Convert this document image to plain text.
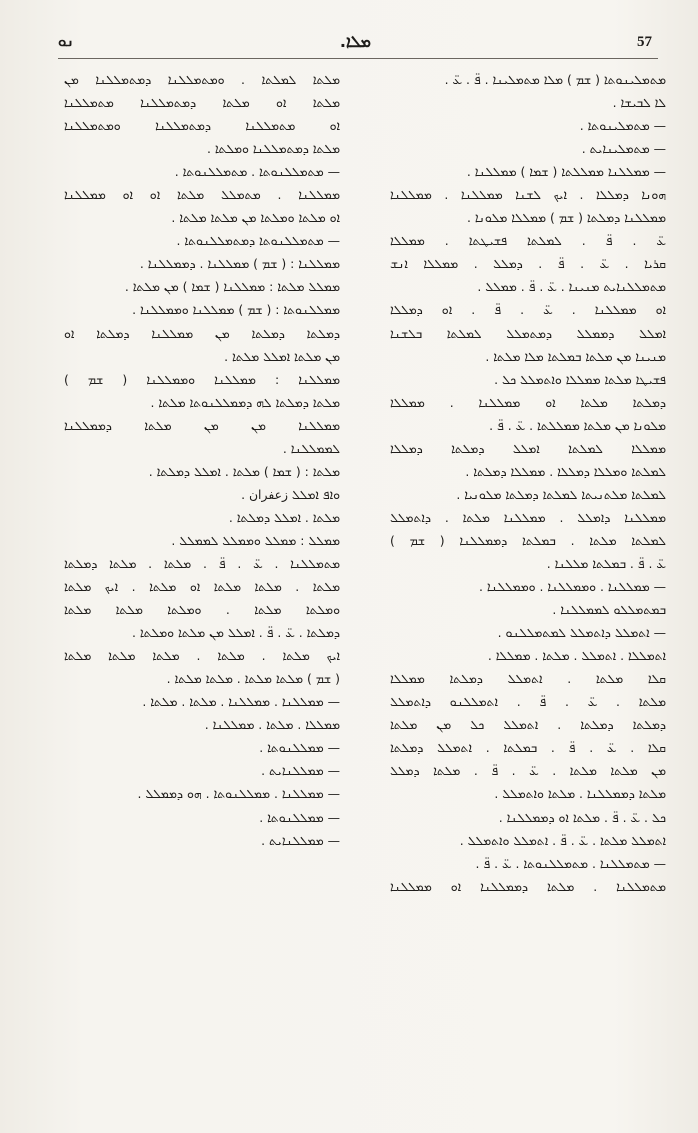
ܢܘ	ܡܠܐ.	57
ܡܬܡܠܝܢܘܬܐ ( ܫܡ ) ܡܠܐ ܡܬܡܠܝܢܐ . ܦ̈ . ܥ̈ .
ܠܐ ܠܒܝܫܐ .
— ܡܬܡܠܝܢܘܬܐ .
— ܡܬܡܠܝܢܐܝܬ .
— ܡܡܠܠܢܐ ܡܡܠܠܬܐ ( ܫܡܐ ) ܡܡܠܠܢܐ .
ܗܘܢܐ ܕܡܠܠܐ . ܐܝܟ ܠܫܢܐ ܡܡܠܠܢܐ . ܡܡܠܠܢܐ
ܡܡܠܠܢܐ ܕܡܠܬܐ ( ܫܡ ) ܡܡܠܠܐ ܡܠܘܢܐ .
ܥ̈ . ܦ̈ . ܠܡܠܬܐ ܦܫܝܛܬܐ . ܡܡܠܠܐ
ܩܪܝܐ . ܥ̈ . ܦ̈ . ܕܡܠܠ . ܡܡܠܠܐ ܐܢܫ
ܡܬܡܠܠܢܐܝܬ ܡܢܝܢܐ . ܥ̈ . ܦ̈ . ܡܡܠܠ .
ܐܘ ܡܡܠܠܢܐ . ܥ̈ . ܦ̈ . ܐܘ ܕܡܠܠܐ
ܐܡܠܠ ܕܡܡܠܠ ܕܡܬܡܠܠ ܠܡܠܬܐ ܒܠܫܢܐ
ܡܢܝܢܐ ܡܢ ܡܠܬܐ ܒܡܠܬܐ ܡܠܐ ܡܠܬܐ .
ܦܫܝܛܐ ܡܠܬܐ ܡܡܠܠܐ ܘܐܬܡܠܠ ܟܠ .
ܕܡܠܬܐ ܡܠܬܐ ܐܘ ܡܡܠܠܢܐ . ܡܡܠܠܐ
ܡܠܘܢܐ ܡܢ ܡܠܬܐ ܡܡܠܠܬܐ . ܥ̈ . ܦ̈ .
ܡܡܠܠܐ ܠܡܠܬܐ ܐܡܠܠ ܕܡܠܬܐ ܕܡܠܠܐ
ܠܡܠܬܐ ܘܡܠܠܐ ܕܡܠܠܐ . ܡܡܠܠܐ ܕܡܠܬܐ .
ܠܡܠܬܐ ܡܠܬܢܝܬܐ ܠܡܠܬܐ ܕܡܠܬܐ ܡܠܘܢܝܐ .
ܡܡܠܠܢܐ ܕܐܡܠܠ . ܡܡܠܠܢܐ ܡܠܬܐ . ܕܐܬܡܠܠ
ܠܡܠܬܐ ܡܠܬܐ . ܒܡܠܬܐ ܕܡܡܠܠܢܐ ( ܫܡ )
ܥ̈ . ܦ̈ . ܒܡܠܬܐ ܡܠܠܢܐ .
— ܡܡܠܠܢܐ . ܘܡܡܠܠܢܐ . ܘܡܡܠܠܢܐ .
ܒܡܬܡܠܠܘ ܠܡܡܠܠܢܐ .
— ܐܬܡܠܠ ܕܐܬܡܠܠ ܠܡܬܡܠܠܢܘ .
ܐܬܡܠܠܐ . ܐܬܡܠܠ . ܡܠܬܐ . ܡܡܠܠܐ .
ܩܠܐ ܡܠܬܐ . ܐܬܡܠܠ ܕܡܠܬܐ ܡܡܠܠܐ
ܡܠܬܐ . ܥ̈ . ܦ̈ . ܐܬܡܠܠܢܘ ܕܐܬܡܠܠ
ܕܡܠܬܐ ܕܡܠܬܐ . ܐܬܡܠܠ ܟܠ ܡܢ ܡܠܬܐ
ܩܠܐ . ܥ̈ . ܦ̈ . ܒܡܠܬܐ . ܐܬܡܠܠ ܕܡܠܬܐ
ܡܢ ܡܠܬܐ ܡܠܬܐ . ܥ̈ . ܦ̈ . ܡܠܬܐ ܕܡܠܠ
ܡܠܬܐ ܕܡܡܠܠܢܐ . ܡܠܬܐ ܘܐܬܡܠܠ .
ܟܠ . ܥ̈ . ܦ̈ . ܡܠܬܐ ܐܘ ܕܡܡܠܠܢܐ .
ܐܬܡܠܠ ܡܠܬܐ . ܥ̈ . ܦ̈ . ܐܬܡܠܠ ܘܐܬܡܠܠ .
— ܡܬܡܠܠܢܐ . ܡܬܡܠܠܢܘܬܐ . ܥ̈ . ܦ̈ .
ܡܬܡܠܠܢܐ . ܡܠܬܐ ܕܡܡܠܠܢܐ ܐܘ ܡܡܠܠܢܐ
ܡܠܬܐ ܠܡܠܬܐ . ܘܡܬܡܠܠܢܐ ܕܡܬܡܠܠܢܐ ܡܢ
ܡܠܬܐ ܐܘ ܡܠܬܐ ܕܡܬܡܠܠܢܐ ܡܬܡܠܠܢܐ
ܐܘ ܡܬܡܠܠܢܐ ܕܡܬܡܠܠܢܐ ܘܡܬܡܠܠܢܐ
ܡܠܬܐ ܕܡܬܡܠܠܢܐ ܘܡܠܬܐ .
— ܡܬܡܠܠܢܘܬܐ . ܡܬܡܠܠܢܘܬܐ .
ܡܡܠܠܢܐ . ܡܬܡܠܠ ܡܠܬܐ ܐܘ ܐܘ ܡܡܠܠܢܐ
ܐܘ ܡܠܬܐ ܘܡܠܬܐ ܡܢ ܡܠܬܐ ܡܠܬܐ .
— ܡܬܡܠܠܢܘܬܐ ܕܡܬܡܠܠܢܘܬܐ .
ܡܡܠܠܢܐ : ( ܫܡ ) ܡܡܠܠܢܐ . ܕܡܡܠܠܢܐ .
ܡܡܠܠ ܡܠܬܐ : ܡܡܠܠܢܐ ( ܫܡܐ ) ܡܢ ܡܠܬܐ .
ܡܡܠܠܢܘܬܐ : ( ܫܡ ) ܡܡܠܠܢܐ ܘܡܡܠܠܢܐ .
ܕܡܠܬܐ ܕܡܠܬܐ ܡܢ ܡܡܠܠܢܐ ܕܡܠܬܐ ܐܘ
ܡܢ ܡܠܬܐ ܐܡܠܠ ܡܠܬܐ .
ܡܡܠܠܢܐ : ܡܡܠܠܢܐ ܘܡܡܠܠܢܐ ( ܫܡ )
ܡܠܬܐ ܕܡܠܬܐ ܠܗ ܕܡܡܠܠܢܘܬܐ ܡܠܬܐ .
ܡܡܠܠܢܐ ܡܢ ܡܢ ܡܠܬܐ ܕܡܡܠܠܢܐ
ܠܡܡܠܠܢܐ .
ܡܠܬܐ : ( ܫܡܐ ) ܡܠܬܐ . ܐܡܠܠ ܕܡܠܬܐ .
ܘܐܦ ܐܡܠܠ زعفران .
ܡܠܬܐ . ܐܡܠܠ ܕܡܠܬܐ .
ܡܡܠܠ : ܡܡܠܠ ܘܡܡܠܠ ܠܡܡܠܠ .
ܡܬܡܠܠܢܐ . ܥ̈ . ܦ̈ . ܡܠܬܐ . ܡܠܬܐ ܕܡܠܬܐ
ܡܠܬܐ . ܡܠܬܐ ܡܠܬܐ ܐܘ ܡܠܬܐ . ܐܝܟ ܡܠܬܐ
ܘܡܠܬܐ ܡܠܬܐ . ܘܡܠܬܐ ܡܠܬܐ ܡܠܬܐ
ܕܡܠܬܐ . ܥ̈ . ܦ̈ . ܐܡܠܠ ܡܢ ܡܠܬܐ ܘܡܠܬܐ .
ܐܝܟ ܡܠܬܐ . ܡܠܬܐ . ܡܠܬܐ ܡܠܬܐ ܡܠܬܐ
( ܫܡ ) ܡܠܬܐ ܡܠܬܐ . ܡܠܬܐ ܡܠܬܐ .
— ܡܡܠܠܢܐ . ܡܡܠܠܢܐ . ܡܠܬܐ . ܡܠܬܐ .
ܡܡܠܠܐ . ܡܠܬܐ . ܡܡܠܠܢܐ .
— ܡܡܠܠܢܘܬܐ .
— ܡܡܠܠܢܐܝܬ .
— ܡܡܠܠܢܐ . ܡܡܠܠܢܘܬܐ . ܗܘ ܕܡܡܠܠ .
— ܡܡܠܠܢܘܬܐ .
— ܡܡܠܠܢܐܝܬ .
